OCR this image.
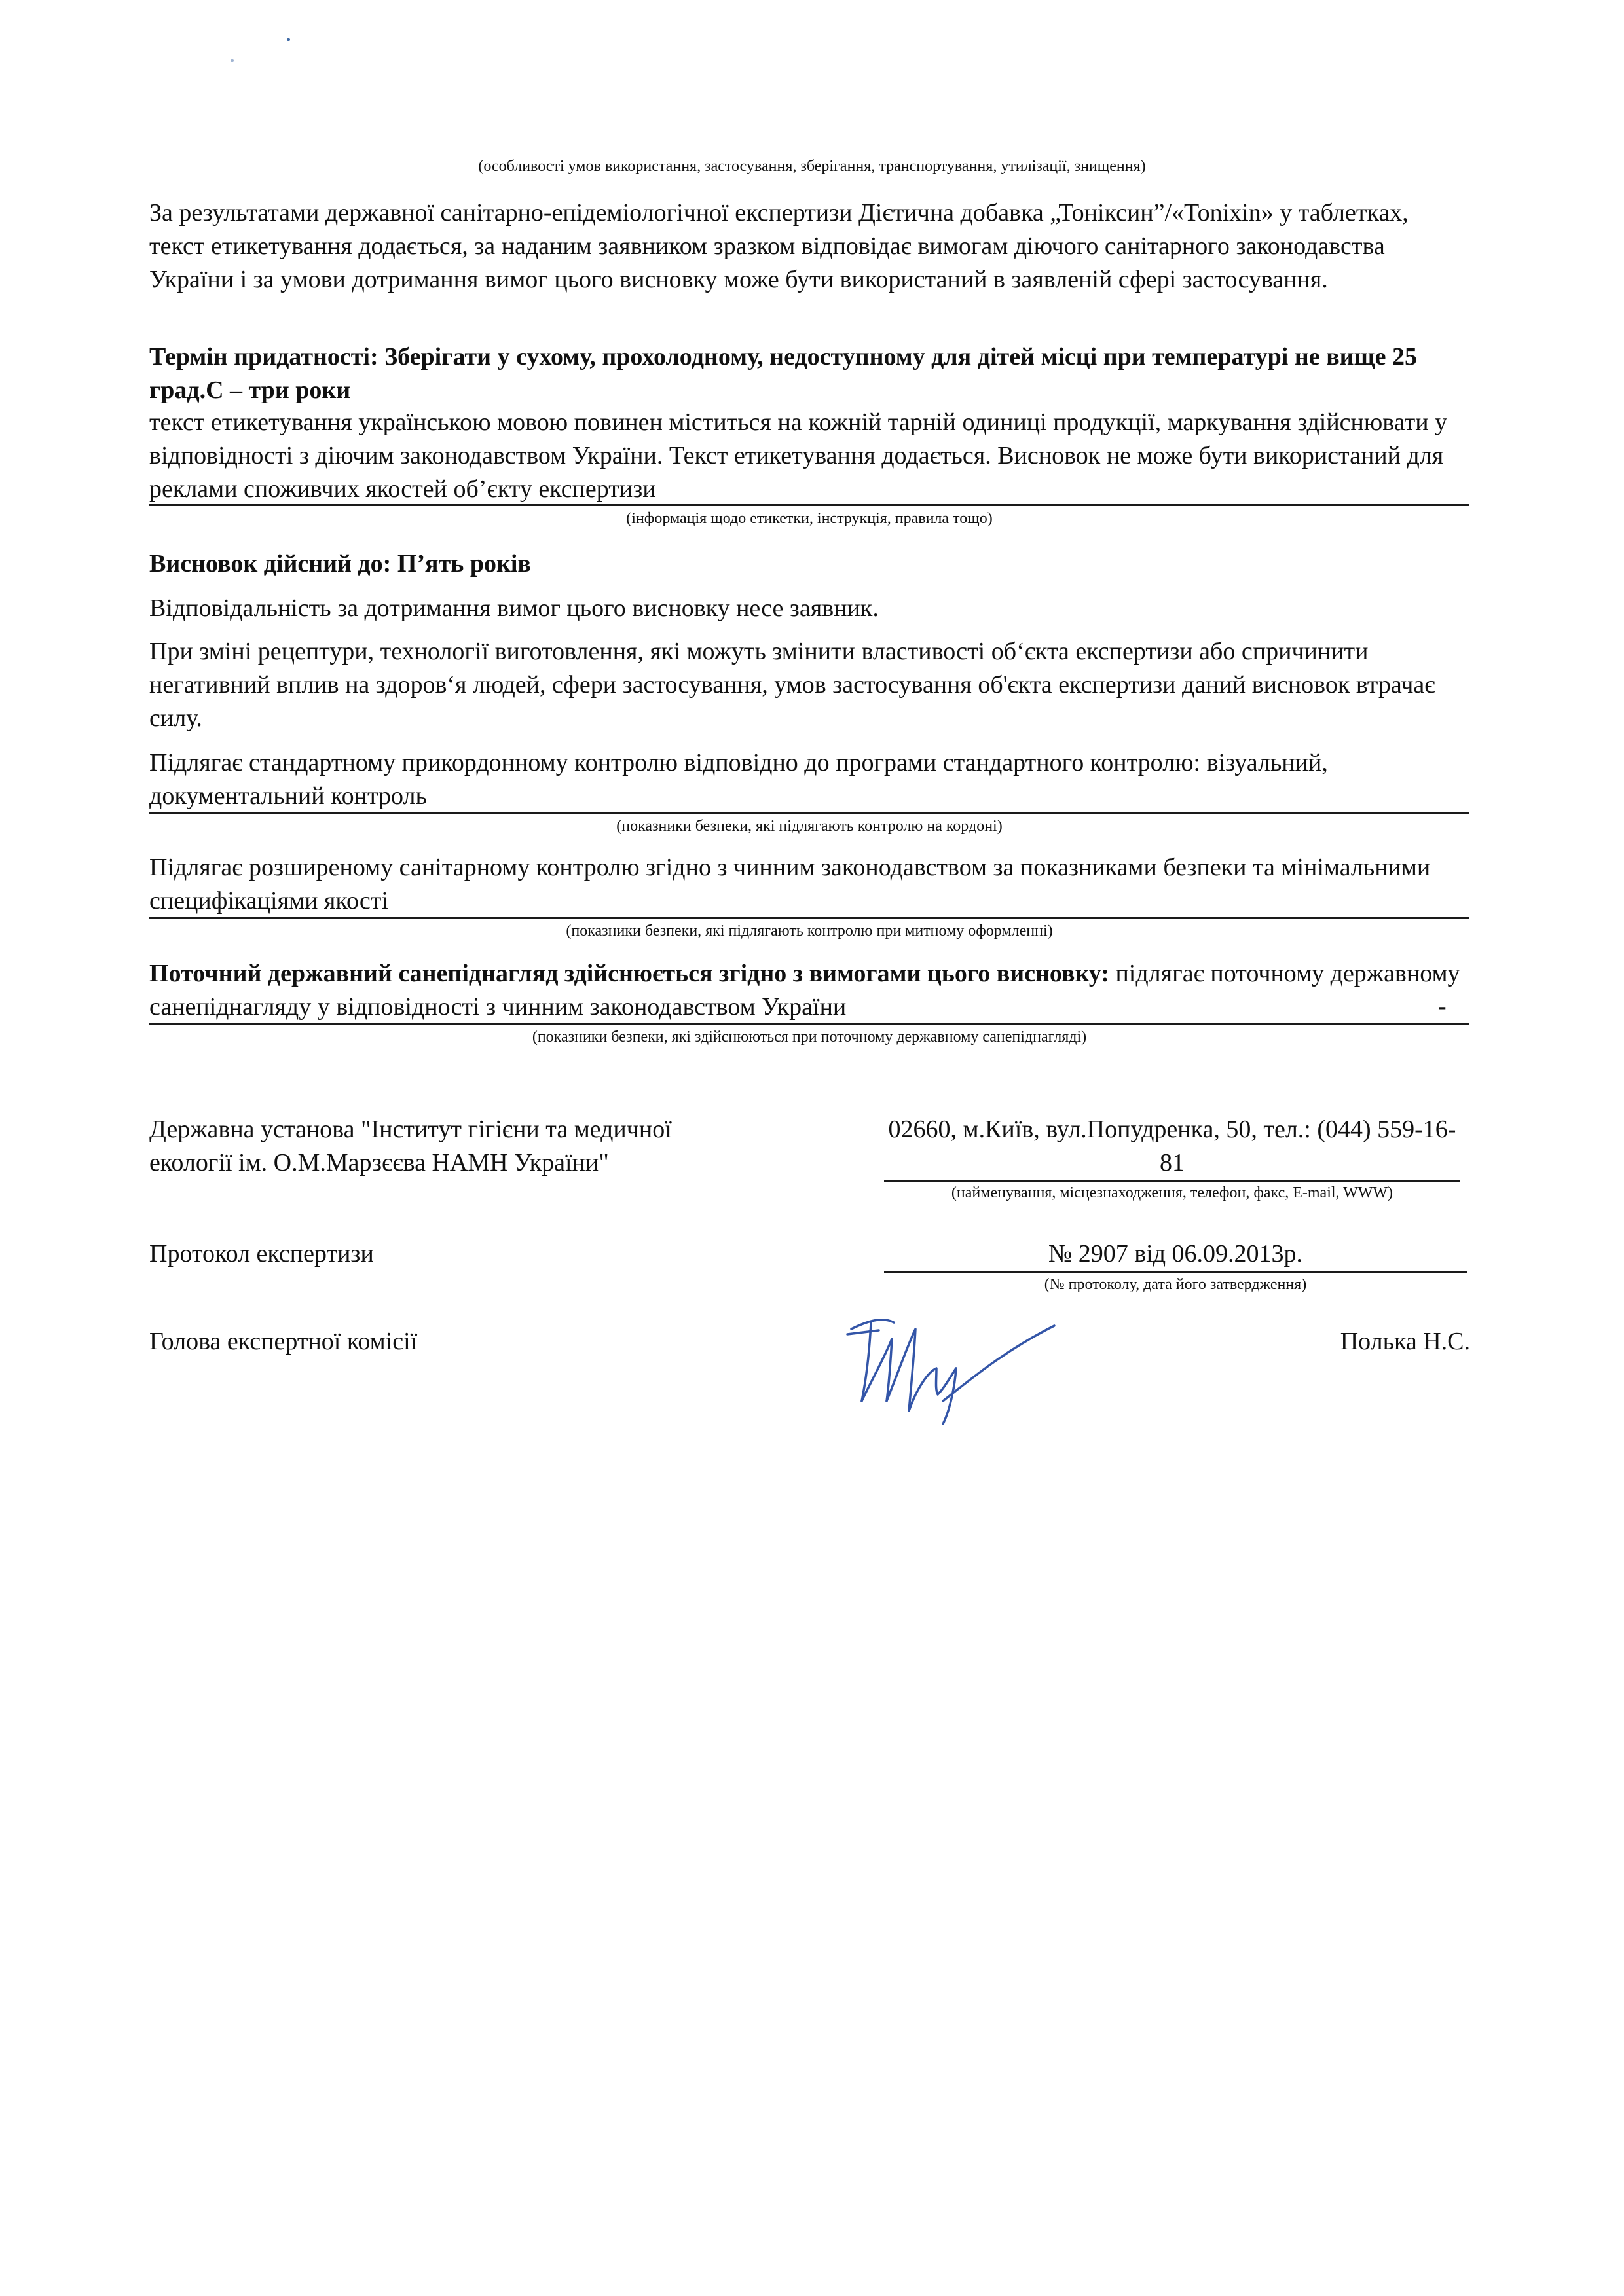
(особливості умов використання, застосування, зберігання, транспортування, утилізації, знищення)
За результатами державної санітарно-епідеміологічної експертизи Дієтична добавка „Тоніксин”/«Tonixin» у таблетках, текст етикетування додається, за наданим заявником зразком відповідає вимогам діючого санітарного законодавства України і за умови дотримання вимог цього висновку може бути використаний в заявленій сфері застосування.
Термін придатності: Зберігати у сухому, прохолодному, недоступному для дітей місці при температурі не вище 25 град.С – три роки
текст етикетування українською мовою повинен міститься на кожній тарній одиниці продукції, маркування здійснювати у відповідності з діючим законодавством України. Текст етикетування додається. Висновок не може бути використаний для реклами споживчих якостей об’єкту експертизи
(інформація щодо етикетки, інструкція, правила тощо)
Висновок дійсний до: П’ять років
Відповідальність за дотримання вимог цього висновку несе заявник.
При зміні рецептури, технології виготовлення, які можуть змінити властивості об‘єкта експертизи або спричинити негативний вплив на здоров‘я людей, сфери застосування, умов застосування об'єкта експертизи даний висновок втрачає силу.
Підлягає стандартному прикордонному контролю відповідно до програми стандартного контролю: візуальний, документальний контроль
(показники безпеки, які підлягають контролю на кордоні)
Підлягає розширеному санітарному контролю згідно з чинним законодавством за показниками безпеки та мінімальними специфікаціями якості
(показники безпеки, які підлягають контролю при митному оформленні)
Поточний державний санепіднагляд здійснюється згідно з вимогами цього висновку: підлягає поточному державному санепіднагляду у відповідності з чинним законодавством України	-
(показники безпеки, які здійснюються при поточному державному санепіднагляді)
Державна установа "Інститут гігієни та медичної екології ім. О.М.Марзєєва НАМН України"
02660, м.Київ, вул.Попудренка, 50, тел.: (044) 559-16-81
(найменування, місцезнаходження, телефон, факс, E-mail, WWW)
Протокол експертизи	№ 2907 від 06.09.2013р.
(№ протоколу, дата його затвердження)
Голова експертної комісії	Полька Н.С.
